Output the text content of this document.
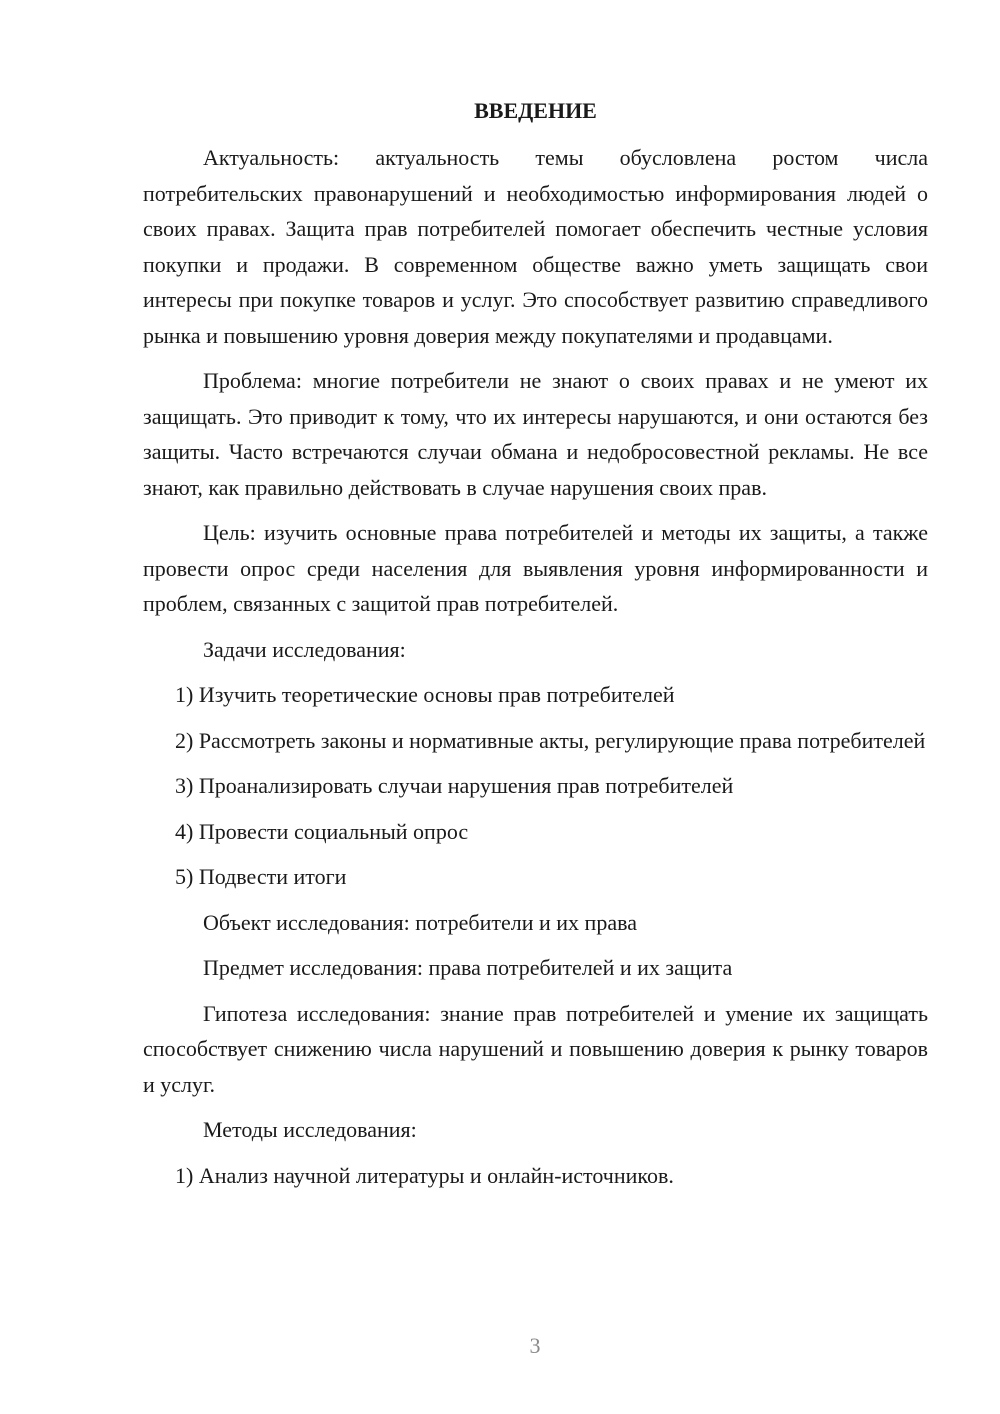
ВВЕДЕНИЕ

Актуальность: актуальность темы обусловлена ростом числа потребительских правонарушений и необходимостью информирования людей о своих правах. Защита прав потребителей помогает обеспечить честные условия покупки и продажи. В современном обществе важно уметь защищать свои интересы при покупке товаров и услуг. Это способствует развитию справедливого рынка и повышению уровня доверия между покупателями и продавцами.

Проблема: многие потребители не знают о своих правах и не умеют их защищать. Это приводит к тому, что их интересы нарушаются, и они остаются без защиты. Часто встречаются случаи обмана и недобросовестной рекламы. Не все знают, как правильно действовать в случае нарушения своих прав.

Цель: изучить основные права потребителей и методы их защиты, а также провести опрос среди населения для выявления уровня информированности и проблем, связанных с защитой прав потребителей.

Задачи исследования:

1) Изучить теоретические основы прав потребителей

2) Рассмотреть законы и нормативные акты, регулирующие права потребителей

3) Проанализировать случаи нарушения прав потребителей

4) Провести социальный опрос

5) Подвести итоги

Объект исследования: потребители и их права

Предмет исследования: права потребителей и их защита

Гипотеза исследования: знание прав потребителей и умение их защищать способствует снижению числа нарушений и повышению доверия к рынку товаров и услуг.

Методы исследования:

1) Анализ научной литературы и онлайн-источников.

3
